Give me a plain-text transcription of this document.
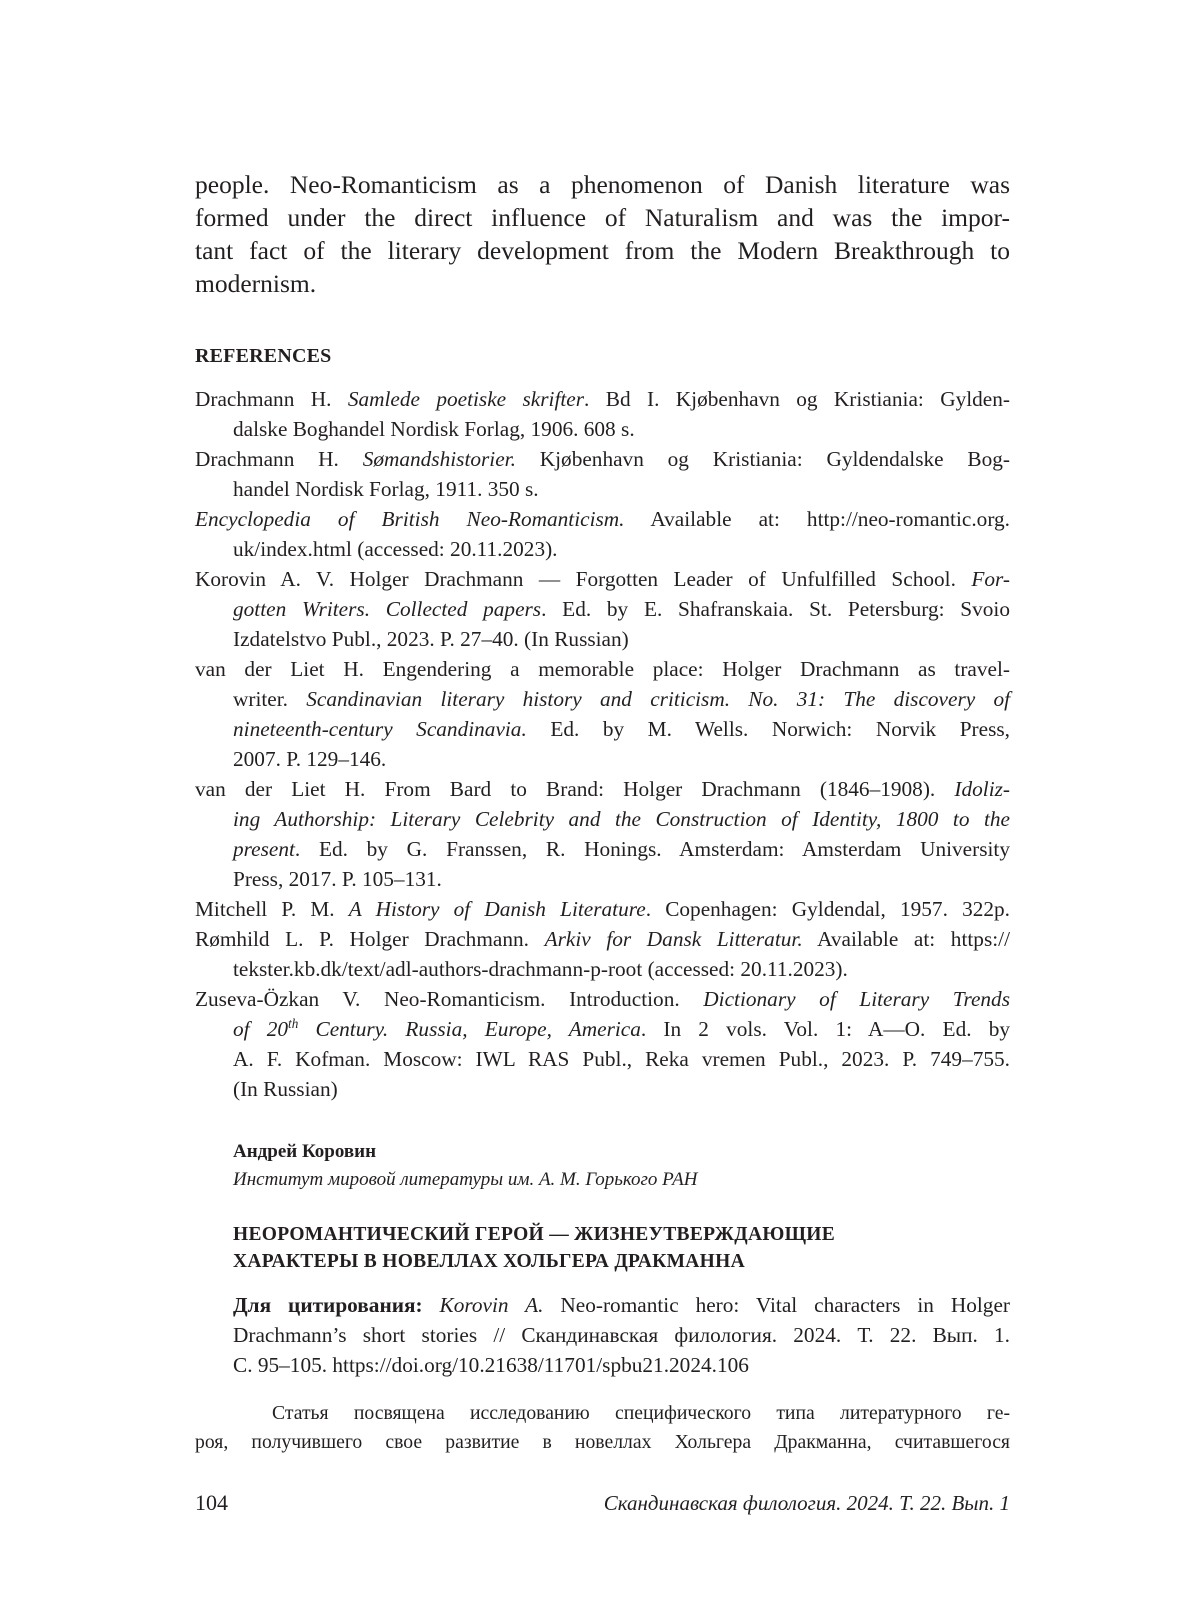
people. Neo-Romanticism as a phenomenon of Danish literature was
formed under the direct influence of Naturalism and was the impor-
tant fact of the literary development from the Modern Breakthrough to
modernism.
REFERENCES
Drachmann H. Samlede poetiske skrifter. Bd I. Kjøbenhavn og Kristiania: Gylden-
dalske Boghandel Nordisk Forlag, 1906. 608 s.
Drachmann H. Sømandshistorier. Kjøbenhavn og Kristiania: Gyldendalske Bog-
handel Nordisk Forlag, 1911. 350 s.
Encyclopedia of British Neo-Romanticism. Available at: http://neo-romantic.org.
uk/index.html (accessed: 20.11.2023).
Korovin A. V. Holger Drachmann — Forgotten Leader of Unfulfilled School. For-
gotten Writers. Collected papers. Ed. by E. Shafranskaia. St. Petersburg: Svoio
Izdatelstvo Publ., 2023. P. 27–40. (In Russian)
van der Liet H. Engendering a memorable place: Holger Drachmann as travel-
writer. Scandinavian literary history and criticism. No. 31: The discovery of
nineteenth-century Scandinavia. Ed. by M. Wells. Norwich: Norvik Press,
2007. P. 129–146.
van der Liet H. From Bard to Brand: Holger Drachmann (1846–1908). Idoliz-
ing Authorship: Literary Celebrity and the Construction of Identity, 1800 to the
present. Ed. by G. Franssen, R. Honings. Amsterdam: Amsterdam University
Press, 2017. P. 105–131.
Mitchell P. M. A History of Danish Literature. Copenhagen: Gyldendal, 1957. 322p.
Rømhild L. P. Holger Drachmann. Arkiv for Dansk Litteratur. Available at: https://
tekster.kb.dk/text/adl-authors-drachmann-p-root (accessed: 20.11.2023).
Zuseva-Özkan V. Neo-Romanticism. Introduction. Dictionary of Literary Trends
of 20th Century. Russia, Europe, America. In 2 vols. Vol. 1: A—O. Ed. by
A. F. Kofman. Moscow: IWL RAS Publ., Reka vremen Publ., 2023. P. 749–755.
(In Russian)

Андрей Коровин

Институт мировой литературы им. А. М. Горького РАН

НЕОРОМАНТИЧЕСКИЙ ГЕРОЙ — ЖИЗНЕУТВЕРЖДАЮЩИЕ
ХАРАКТЕРЫ В НОВЕЛЛАХ ХОЛЬГЕРА ДРАКМАННА
Для цитирования: Korovin A. Neo-romantic hero: Vital characters in Holger
Drachmann’s short stories // Скандинавская филология. 2024. Т. 22. Вып. 1.
С. 95–105. https://doi.org/10.21638/11701/spbu21.2024.106
Статья посвящена исследованию специфического типа литературного ге-
роя, получившего свое развитие в новеллах Хольгера Дракманна, считавшегося
104	Скандинавская филология. 2024. Т. 22. Вып. 1
